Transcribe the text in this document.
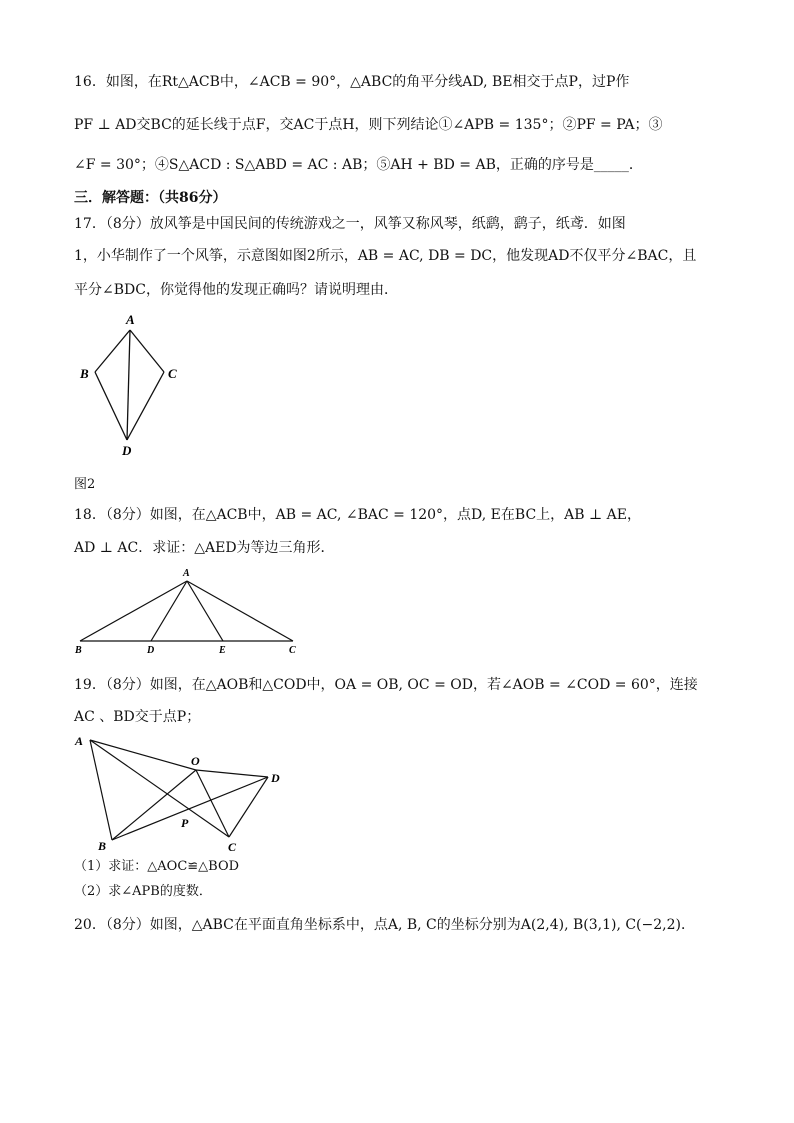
16．如图，在Rt△ACB中，∠ACB = 90°，△ABC的角平分线AD, BE相交于点P，过P作
PF ⊥ AD交BC的延长线于点F，交AC于点H，则下列结论①∠APB = 135°；②PF = PA；③
∠F = 30°；④S△ACD : S△ABD = AC : AB；⑤AH + BD = AB，正确的序号是_____．
三．解答题：（共86分）
17．（8分）放风筝是中国民间的传统游戏之一，风筝又称风琴，纸鹞，鹞子，纸鸢．如图
1，小华制作了一个风筝，示意图如图2所示，AB = AC, DB = DC，他发现AD不仅平分∠BAC，且
平分∠BDC，你觉得他的发现正确吗？请说明理由．
A
B	C
D
图2
18．（8分）如图，在△ACB中，AB = AC, ∠BAC = 120°，点D, E在BC上，AB ⊥ AE，
AD ⊥ AC．求证：△AED为等边三角形．
A
B	D	E	C
19．（8分）如图，在△AOB和△COD中，OA = OB, OC = OD，若∠AOB = ∠COD = 60°，连接
AC 、BD交于点P；
A
O
D
P
B	C
（1）求证：△AOC≌△BOD
（2）求∠APB的度数．
20．（8分）如图，△ABC在平面直角坐标系中，点A, B, C的坐标分别为A(2,4), B(3,1), C(−2,2)．
